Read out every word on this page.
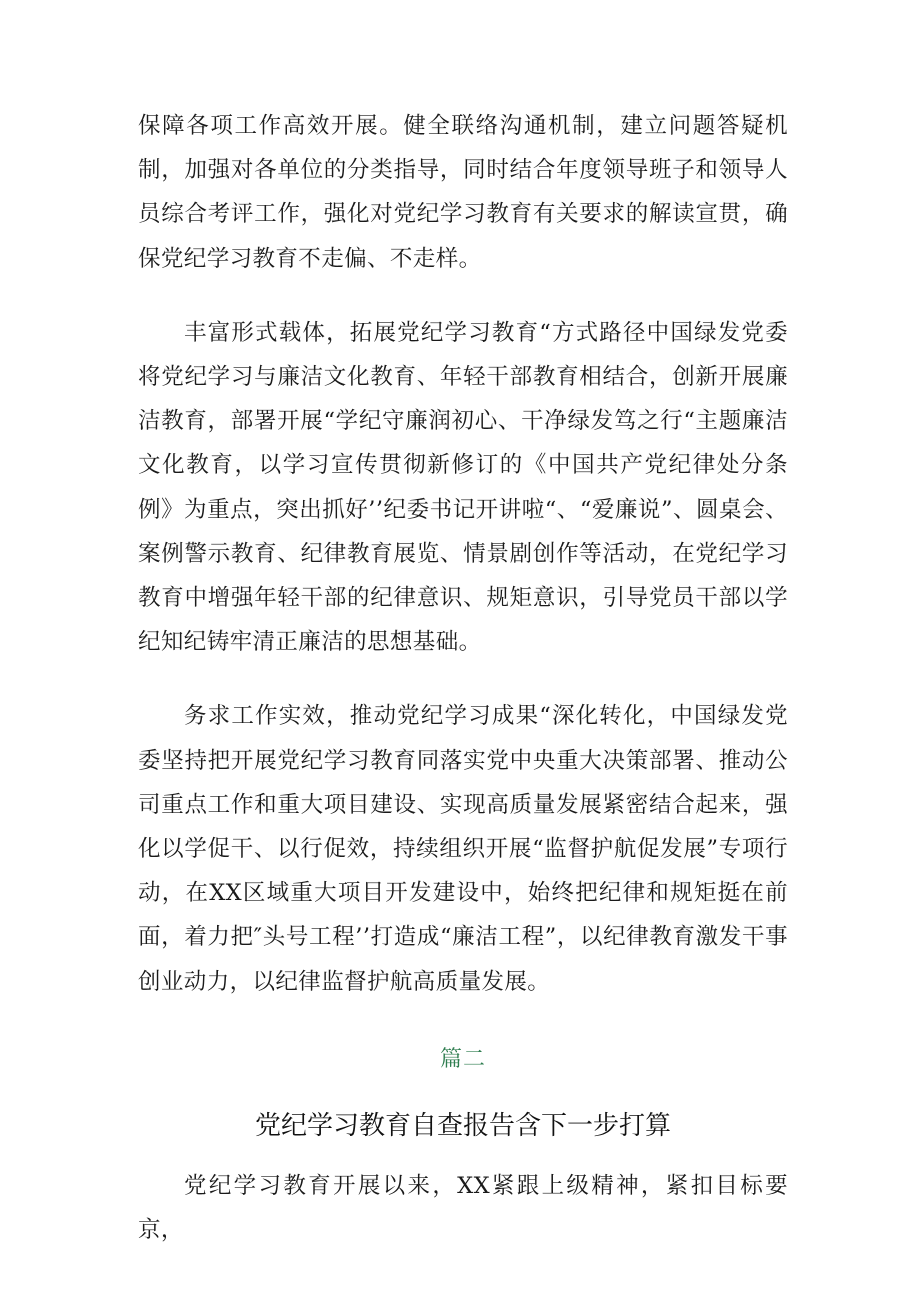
保障各项工作高效开展。健全联络沟通机制，建立问题答疑机制，加强对各单位的分类指导，同时结合年度领导班子和领导人员综合考评工作，强化对党纪学习教育有关要求的解读宣贯，确保党纪学习教育不走偏、不走样。

丰富形式载体，拓展党纪学习教育“方式路径中国绿发党委将党纪学习与廉洁文化教育、年轻干部教育相结合，创新开展廉洁教育，部署开展“学纪守廉润初心、干净绿发笃之行“主题廉洁文化教育，以学习宣传贯彻新修订的《中国共产党纪律处分条例》为重点，突出抓好’’纪委书记开讲啦“、“爱廉说”、圆桌会、案例警示教育、纪律教育展览、情景剧创作等活动，在党纪学习教育中增强年轻干部的纪律意识、规矩意识，引导党员干部以学纪知纪铸牢清正廉洁的思想基础。

务求工作实效，推动党纪学习成果“深化转化，中国绿发党委坚持把开展党纪学习教育同落实党中央重大决策部署、推动公司重点工作和重大项目建设、实现高质量发展紧密结合起来，强化以学促干、以行促效，持续组织开展“监督护航促发展”专项行动，在XX区域重大项目开发建设中，始终把纪律和规矩挺在前面，着力把″头号工程’’打造成“廉洁工程”，以纪律教育激发干事创业动力，以纪律监督护航高质量发展。

篇二
党纪学习教育自查报告含下一步打算

党纪学习教育开展以来，XX紧跟上级精神，紧扣目标要京，
